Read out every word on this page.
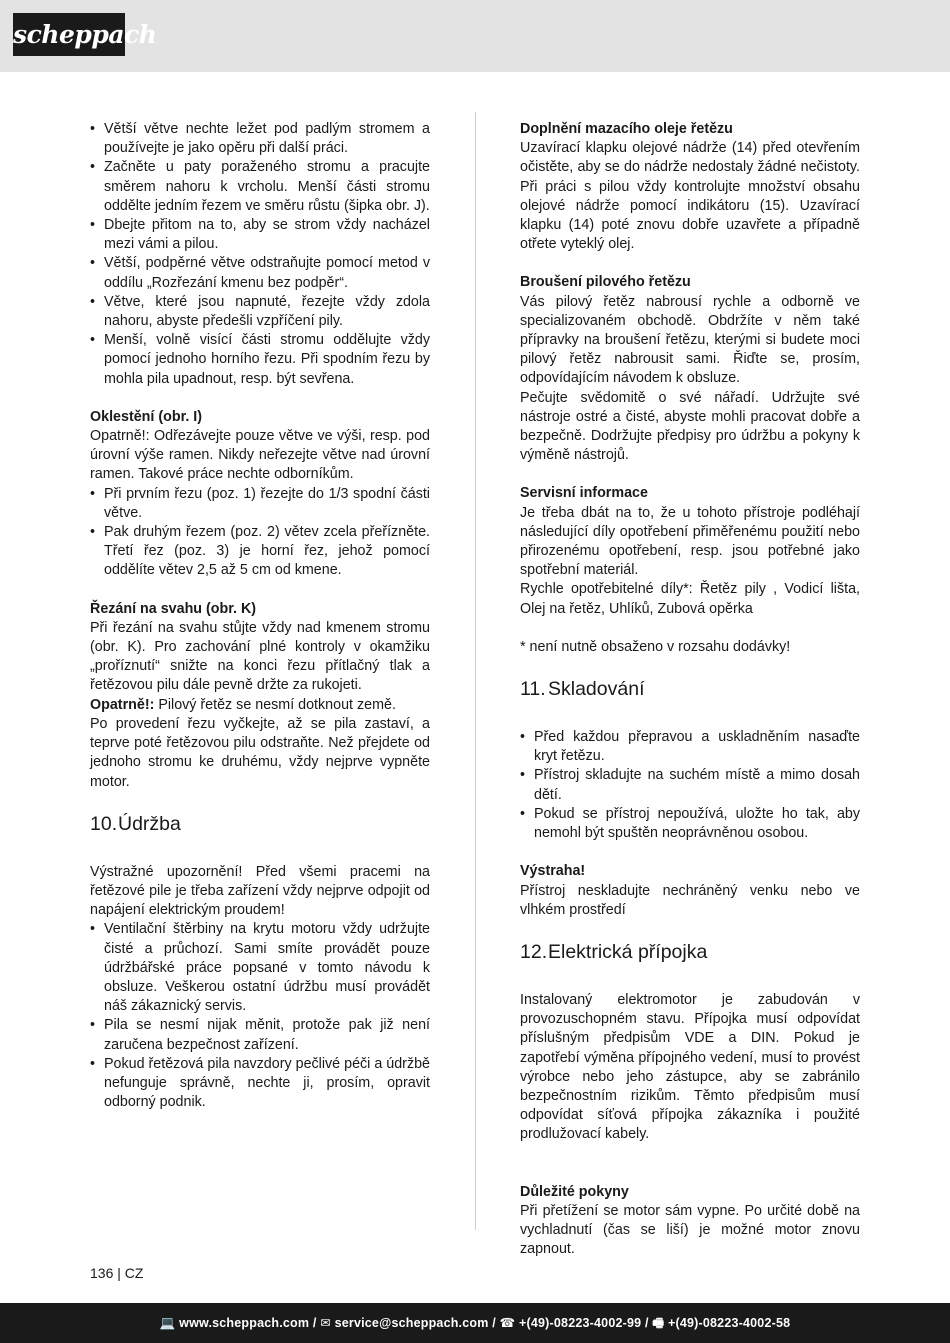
scheppach

• Větší větve nechte ležet pod padlým stromem a používejte je jako opěru při další práci.

• Začněte u paty poraženého stromu a pracujte směrem nahoru k vrcholu. Menší části stromu oddělte jedním řezem ve směru růstu (šipka obr. J).

• Dbejte přitom na to, aby se strom vždy nacházel mezi vámi a pilou.

• Větší, podpěrné větve odstraňujte pomocí metod v oddílu „Rozřezání kmenu bez podpěr“.

• Větve, které jsou napnuté, řezejte vždy zdola nahoru, abyste předešli vzpříčení pily.

• Menší, volně visící části stromu oddělujte vždy pomocí jednoho horního řezu. Při spodním řezu by mohla pila upadnout, resp. být sevřena.

Oklestění (obr. I)

Opatrně!: Odřezávejte pouze větve ve výši, resp. pod úrovní výše ramen. Nikdy neřezejte větve nad úrovní ramen. Takové práce nechte odborníkům.

• Při prvním řezu (poz. 1) řezejte do 1/3 spodní části větve.

• Pak druhým řezem (poz. 2) větev zcela přeřízněte. Třetí řez (poz. 3) je horní řez, jehož pomocí oddělíte větev 2,5 až 5 cm od kmene.

Řezání na svahu (obr. K)

Při řezání na svahu stůjte vždy nad kmenem stromu (obr. K). Pro zachování plné kontroly v okamžiku „proříznutí“ snižte na konci řezu přítlačný tlak a řetězovou pilu dále pevně držte za rukojeti.

Opatrně!: Pilový řetěz se nesmí dotknout země.

Po provedení řezu vyčkejte, až se pila zastaví, a teprve poté řetězovou pilu odstraňte. Než přejdete od jednoho stromu ke druhému, vždy nejprve vypněte motor.

10.Údržba

Výstražné upozornění! Před všemi pracemi na řetězové pile je třeba zařízení vždy nejprve odpojit od napájení elektrickým proudem!

• Ventilační štěrbiny na krytu motoru vždy udržujte čisté a průchozí. Sami smíte provádět pouze údržbářské práce popsané v tomto návodu k obsluze. Veškerou ostatní údržbu musí provádět náš zákaznický servis.

• Pila se nesmí nijak měnit, protože pak již není zaručena bezpečnost zařízení.

• Pokud řetězová pila navzdory pečlivé péči a údržbě nefunguje správně, nechte ji, prosím, opravit odborný podnik.

Doplnění mazacího oleje řetězu

Uzavírací klapku olejové nádrže (14) před otevřením očistěte, aby se do nádrže nedostaly žádné nečistoty. Při práci s pilou vždy kontrolujte množství obsahu olejové nádrže pomocí indikátoru (15). Uzavírací klapku (14) poté znovu dobře uzavřete a případně otřete vyteklý olej.

Broušení pilového řetězu

Vás pilový řetěz nabrousí rychle a odborně ve specializovaném obchodě. Obdržíte v něm také přípravky na broušení řetězu, kterými si budete moci pilový řetěz nabrousit sami. Řiďte se, prosím, odpovídajícím návodem k obsluze.

Pečujte svědomitě o své nářadí. Udržujte své nástroje ostré a čisté, abyste mohli pracovat dobře a bezpečně. Dodržujte předpisy pro údržbu a pokyny k výměně nástrojů.

Servisní informace

Je třeba dbát na to, že u tohoto přístroje podléhají následující díly opotřebení přiměřenému použití nebo přirozenému opotřebení, resp. jsou potřebné jako spotřební materiál.

Rychle opotřebitelné díly*: Řetěz pily , Vodicí lišta, Olej na řetěz, Uhlíků, Zubová opěrka

* není nutně obsaženo v rozsahu dodávky!

11. Skladování

• Před každou přepravou a uskladněním nasaďte kryt řetězu.

• Přístroj skladujte na suchém místě a mimo dosah dětí.

• Pokud se přístroj nepoužívá, uložte ho tak, aby nemohl být spuštěn neoprávněnou osobou.

Výstraha!

Přístroj neskladujte nechráněný venku nebo ve vlhkém prostředí

12.Elektrická přípojka

Instalovaný elektromotor je zabudován v provozuschopném stavu. Přípojka musí odpovídat příslušným předpisům VDE a DIN. Pokud je zapotřebí výměna přípojného vedení, musí to provést výrobce nebo jeho zástupce, aby se zabránilo bezpečnostním rizikům. Těmto předpisům musí odpovídat síťová přípojka zákazníka i použité prodlužovací kabely.

Důležité pokyny

Při přetížení se motor sám vypne. Po určité době na vychladnutí (čas se liší) je možné motor znovu zapnout.

136 | CZ
💻 www.scheppach.com / ✉ service@scheppach.com / ☎ +(49)-08223-4002-99 / 🖷 +(49)-08223-4002-58
